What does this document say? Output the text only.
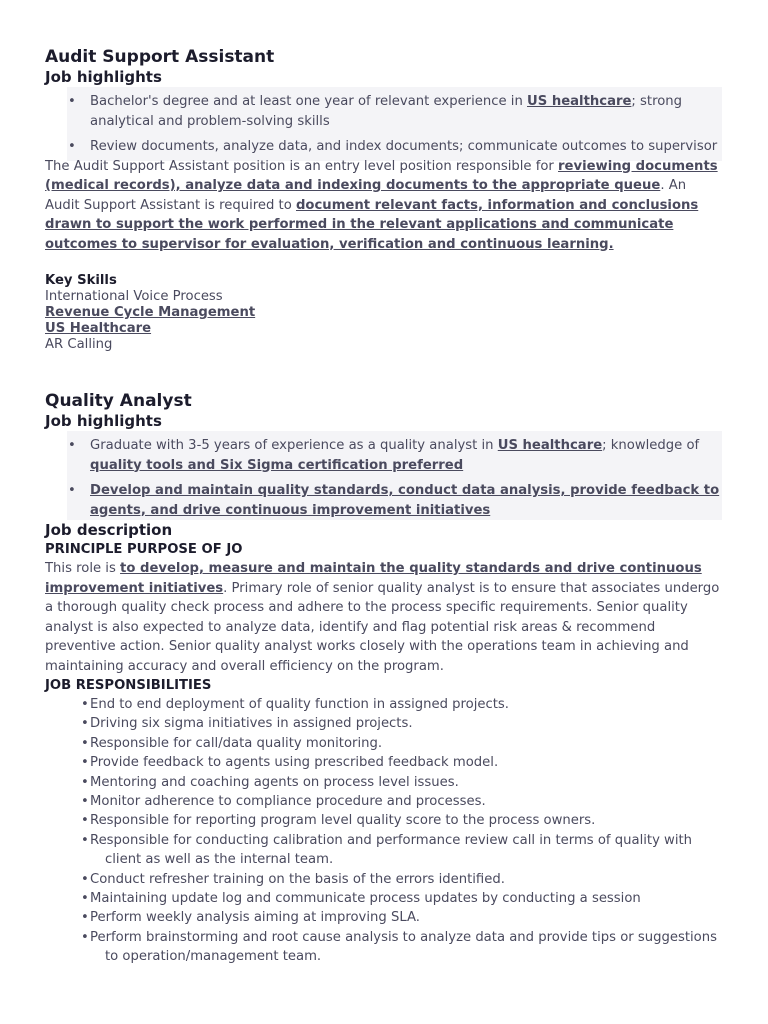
Audit Support Assistant
Job highlights
• Bachelor's degree and at least one year of relevant experience in US healthcare; strong analytical and problem-solving skills
• Review documents, analyze data, and index documents; communicate outcomes to supervisor

The Audit Support Assistant position is an entry level position responsible for reviewing documents (medical records), analyze data and indexing documents to the appropriate queue. An Audit Support Assistant is required to document relevant facts, information and conclusions drawn to support the work performed in the relevant applications and communicate outcomes to supervisor for evaluation, verification and continuous learning.

Key Skills
International Voice Process
Revenue Cycle Management
US Healthcare
AR Calling
Quality Analyst
Job highlights
• Graduate with 3-5 years of experience as a quality analyst in US healthcare; knowledge of quality tools and Six Sigma certification preferred
• Develop and maintain quality standards, conduct data analysis, provide feedback to agents, and drive continuous improvement initiatives
Job description
PRINCIPLE PURPOSE OF JO

This role is to develop, measure and maintain the quality standards and drive continuous improvement initiatives. Primary role of senior quality analyst is to ensure that associates undergo a thorough quality check process and adhere to the process specific requirements. Senior quality analyst is also expected to analyze data, identify and flag potential risk areas & recommend preventive action. Senior quality analyst works closely with the operations team in achieving and maintaining accuracy and overall efficiency on the program.

JOB RESPONSIBILITIES
• End to end deployment of quality function in assigned projects.
• Driving six sigma initiatives in assigned projects.
• Responsible for call/data quality monitoring.
• Provide feedback to agents using prescribed feedback model.
• Mentoring and coaching agents on process level issues.
• Monitor adherence to compliance procedure and processes.
• Responsible for reporting program level quality score to the process owners.
• Responsible for conducting calibration and performance review call in terms of quality with client as well as the internal team.
• Conduct refresher training on the basis of the errors identified.
• Maintaining update log and communicate process updates by conducting a session
• Perform weekly analysis aiming at improving SLA.
• Perform brainstorming and root cause analysis to analyze data and provide tips or suggestions to operation/management team.
